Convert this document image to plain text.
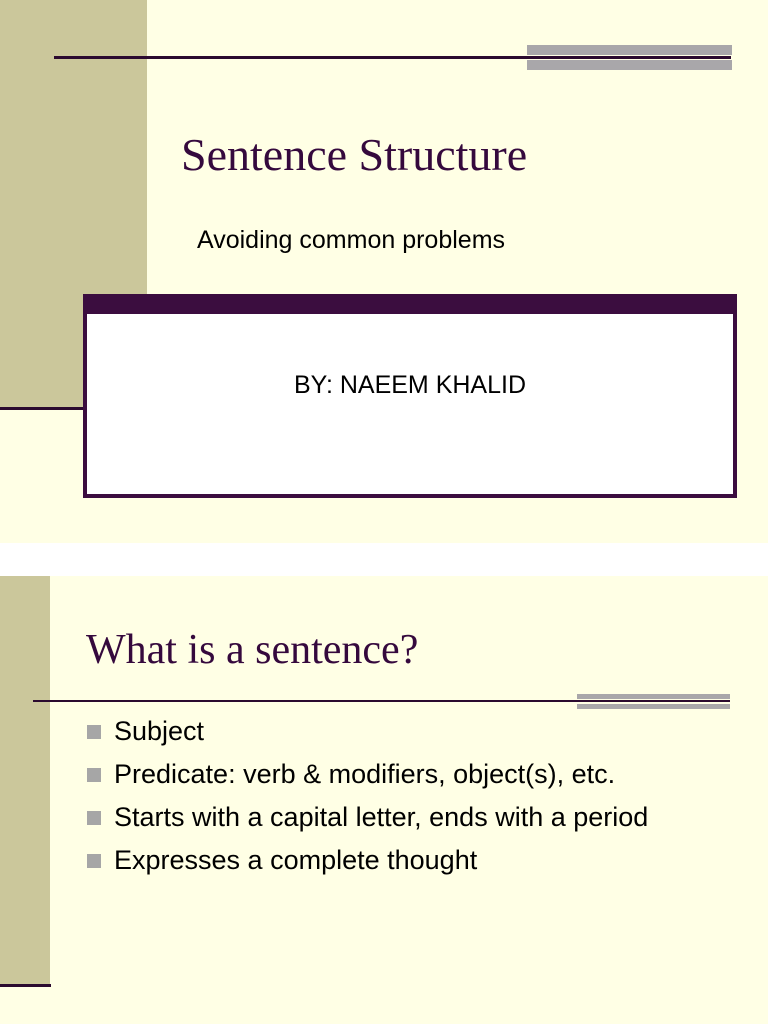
Sentence Structure
Avoiding common problems
BY: NAEEM KHALID
What is a sentence?
Subject
Predicate: verb & modifiers, object(s), etc.
Starts with a capital letter, ends with a period
Expresses a complete thought
